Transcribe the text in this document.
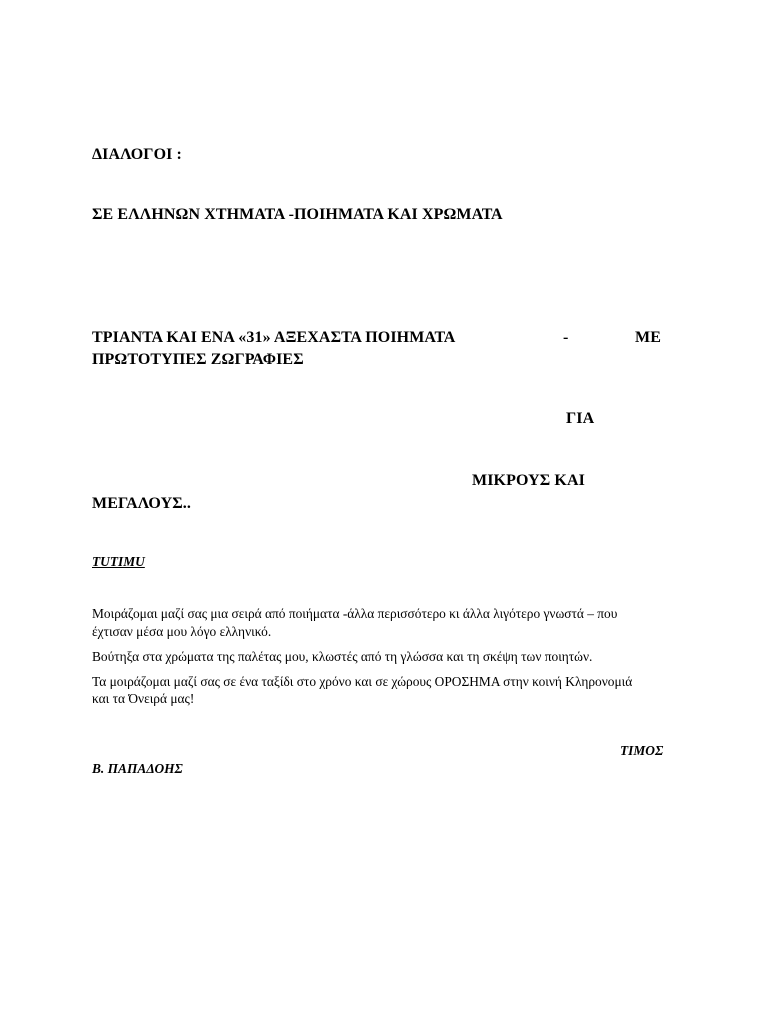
ΔΙΑΛΟΓΟΙ :

ΣΕ ΕΛΛΗΝΩΝ ΧΤΗΜΑΤΑ -ΠΟΙΗΜΑΤΑ ΚΑΙ ΧΡΩΜΑΤΑ

ΤΡΙΑΝΤΑ ΚΑΙ ΕΝΑ «31» ΑΞΕΧΑΣΤΑ ΠΟΙΗΜΑΤΑ	-	ΜΕ

ΠΡΩΤΟΤΥΠΕΣ ΖΩΓΡΑΦΙΕΣ

ΓΙΑ

ΜΙΚΡΟΥΣ ΚΑΙ

ΜΕΓΑΛΟΥΣ..

TUTIMU

Μοιράζομαι μαζί σας μια σειρά από ποιήματα -άλλα περισσότερο κι άλλα λιγότερο γνωστά – που

έχτισαν μέσα μου λόγο ελληνικό.

Βούτηξα στα χρώματα της παλέτας μου, κλωστές από τη γλώσσα και τη σκέψη των ποιητών.

Τα μοιράζομαι μαζί σας σε ένα ταξίδι στο χρόνο και σε χώρους ΟΡΟΣΗΜΑ στην κοινή Κληρονομιά

και τα Όνειρά μας!

ΤΙΜΟΣ

Β. ΠΑΠΑΔΟΗΣ
